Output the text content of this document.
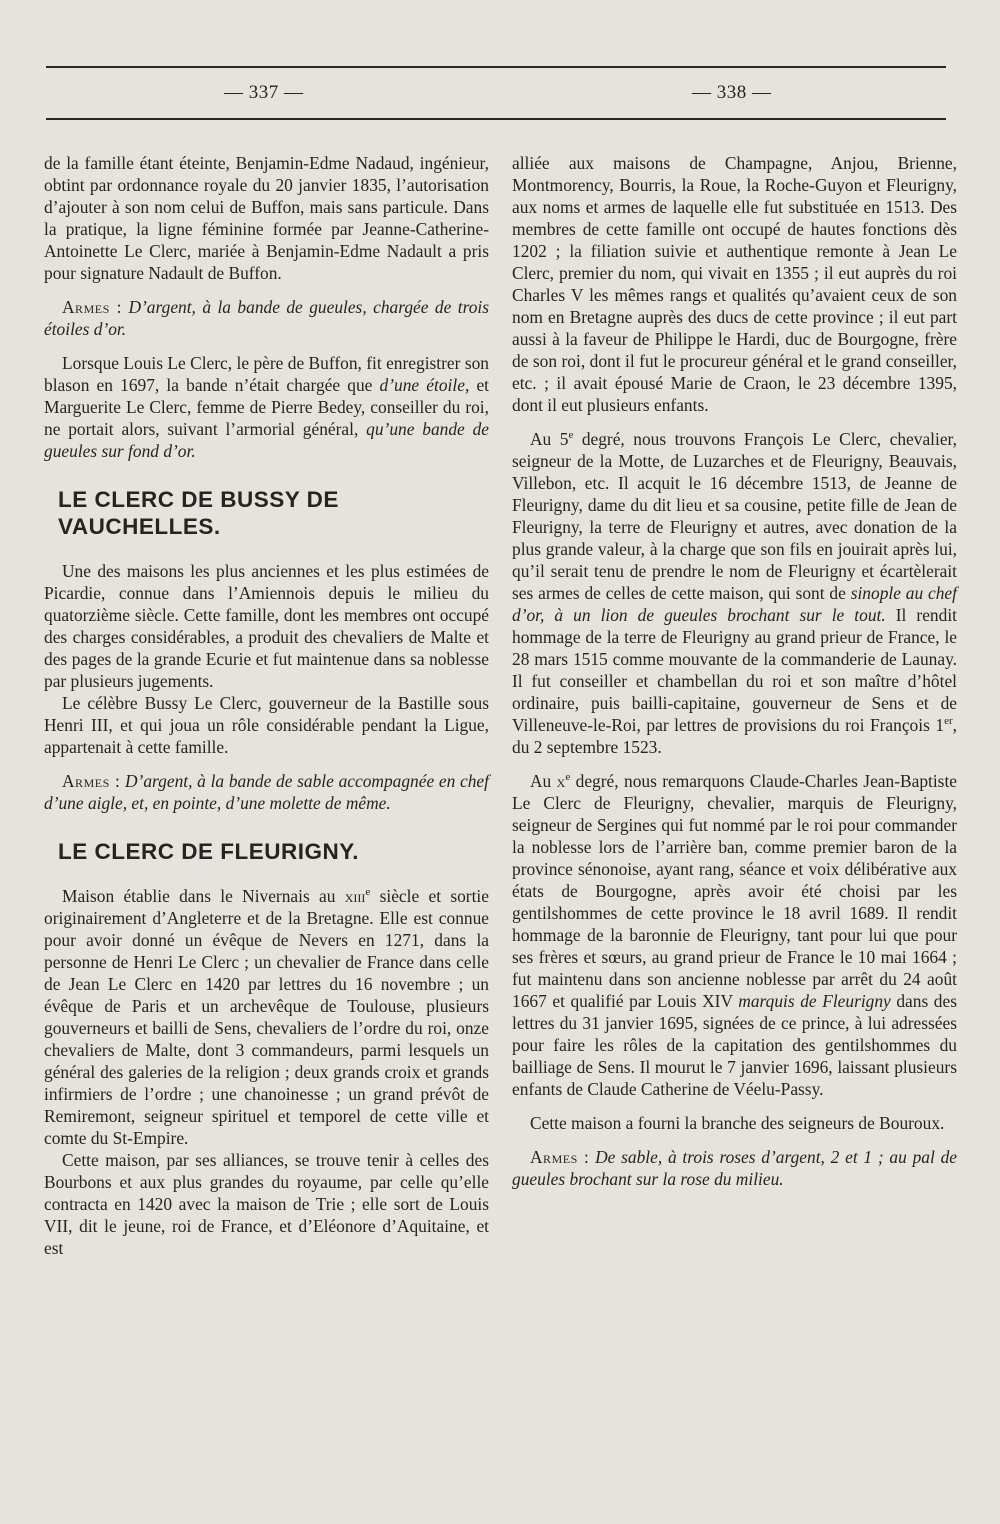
— 337 —	— 338 —

de la famille étant éteinte, Benjamin-Edme Nadaud, ingénieur, obtint par ordonnance royale du 20 janvier 1835, l’autorisation d’ajouter à son nom celui de Buffon, mais sans particule. Dans la pratique, la ligne féminine formée par Jeanne-Catherine-Antoinette Le Clerc, mariée à Benjamin-Edme Nadault a pris pour signature Nadault de Buffon.

Armes : D’argent, à la bande de gueules, chargée de trois étoiles d’or.

Lorsque Louis Le Clerc, le père de Buffon, fit enregistrer son blason en 1697, la bande n’était chargée que d’une étoile, et Marguerite Le Clerc, femme de Pierre Bedey, conseiller du roi, ne portait alors, suivant l’armorial général, qu’une bande de gueules sur fond d’or.

LE CLERC DE BUSSY DE VAUCHELLES.

Une des maisons les plus anciennes et les plus estimées de Picardie, connue dans l’Amiennois depuis le milieu du quatorzième siècle. Cette famille, dont les membres ont occupé des charges considérables, a produit des chevaliers de Malte et des pages de la grande Ecurie et fut maintenue dans sa noblesse par plusieurs jugements.

Le célèbre Bussy Le Clerc, gouverneur de la Bastille sous Henri III, et qui joua un rôle considérable pendant la Ligue, appartenait à cette famille.

Armes : D’argent, à la bande de sable accompagnée en chef d’une aigle, et, en pointe, d’une molette de même.

LE CLERC DE FLEURIGNY.

Maison établie dans le Nivernais au xiii$^e$ siècle et sortie originairement d’Angleterre et de la Bretagne. Elle est connue pour avoir donné un évêque de Nevers en 1271, dans la personne de Henri Le Clerc ; un chevalier de France dans celle de Jean Le Clerc en 1420 par lettres du 16 novembre ; un évêque de Paris et un archevêque de Toulouse, plusieurs gouverneurs et bailli de Sens, chevaliers de l’ordre du roi, onze chevaliers de Malte, dont 3 commandeurs, parmi lesquels un général des galeries de la religion ; deux grands croix et grands infirmiers de l’ordre ; une chanoinesse ; un grand prévôt de Remiremont, seigneur spirituel et temporel de cette ville et comte du St-Empire.

Cette maison, par ses alliances, se trouve tenir à celles des Bourbons et aux plus grandes du royaume, par celle qu’elle contracta en 1420 avec la maison de Trie ; elle sort de Louis VII, dit le jeune, roi de France, et d’Eléonore d’Aquitaine, et est

alliée aux maisons de Champagne, Anjou, Brienne, Montmorency, Bourris, la Roue, la Roche-Guyon et Fleurigny, aux noms et armes de laquelle elle fut substituée en 1513. Des membres de cette famille ont occupé de hautes fonctions dès 1202 ; la filiation suivie et authentique remonte à Jean Le Clerc, premier du nom, qui vivait en 1355 ; il eut auprès du roi Charles V les mêmes rangs et qualités qu’avaient ceux de son nom en Bretagne auprès des ducs de cette province ; il eut part aussi à la faveur de Philippe le Hardi, duc de Bourgogne, frère de son roi, dont il fut le procureur général et le grand conseiller, etc. ; il avait épousé Marie de Craon, le 23 décembre 1395, dont il eut plusieurs enfants.

Au 5e degré, nous trouvons François Le Clerc, chevalier, seigneur de la Motte, de Luzarches et de Fleurigny, Beauvais, Villebon, etc. Il acquit le 16 décembre 1513, de Jeanne de Fleurigny, dame du dit lieu et sa cousine, petite fille de Jean de Fleurigny, la terre de Fleurigny et autres, avec donation de la plus grande valeur, à la charge que son fils en jouirait après lui, qu’il serait tenu de prendre le nom de Fleurigny et écartèlerait ses armes de celles de cette maison, qui sont de sinople au chef d’or, à un lion de gueules brochant sur le tout. Il rendit hommage de la terre de Fleurigny au grand prieur de France, le 28 mars 1515 comme mouvante de la commanderie de Launay. Il fut conseiller et chambellan du roi et son maître d’hôtel ordinaire, puis bailli-capitaine, gouverneur de Sens et de Villeneuve-le-Roi, par lettres de provisions du roi François 1er, du 2 septembre 1523.

Au $x^e$ degré, nous remarquons Claude-Charles Jean-Baptiste Le Clerc de Fleurigny, chevalier, marquis de Fleurigny, seigneur de Sergines qui fut nommé par le roi pour commander la noblesse lors de l’arrière ban, comme premier baron de la province sénonoise, ayant rang, séance et voix délibérative aux états de Bourgogne, après avoir été choisi par les gentilshommes de cette province le 18 avril 1689. Il rendit hommage de la baronnie de Fleurigny, tant pour lui que pour ses frères et sœurs, au grand prieur de France le 10 mai 1664 ; fut maintenu dans son ancienne noblesse par arrêt du 24 août 1667 et qualifié par Louis XIV marquis de Fleurigny dans des lettres du 31 janvier 1695, signées de ce prince, à lui adressées pour faire les rôles de la capitation des gentilshommes du bailliage de Sens. Il mourut le 7 janvier 1696, laissant plusieurs enfants de Claude Catherine de Véelu-Passy.

Cette maison a fourni la branche des seigneurs de Bouroux.

Armes : De sable, à trois roses d’argent, 2 et 1 ; au pal de gueules brochant sur la rose du milieu.
